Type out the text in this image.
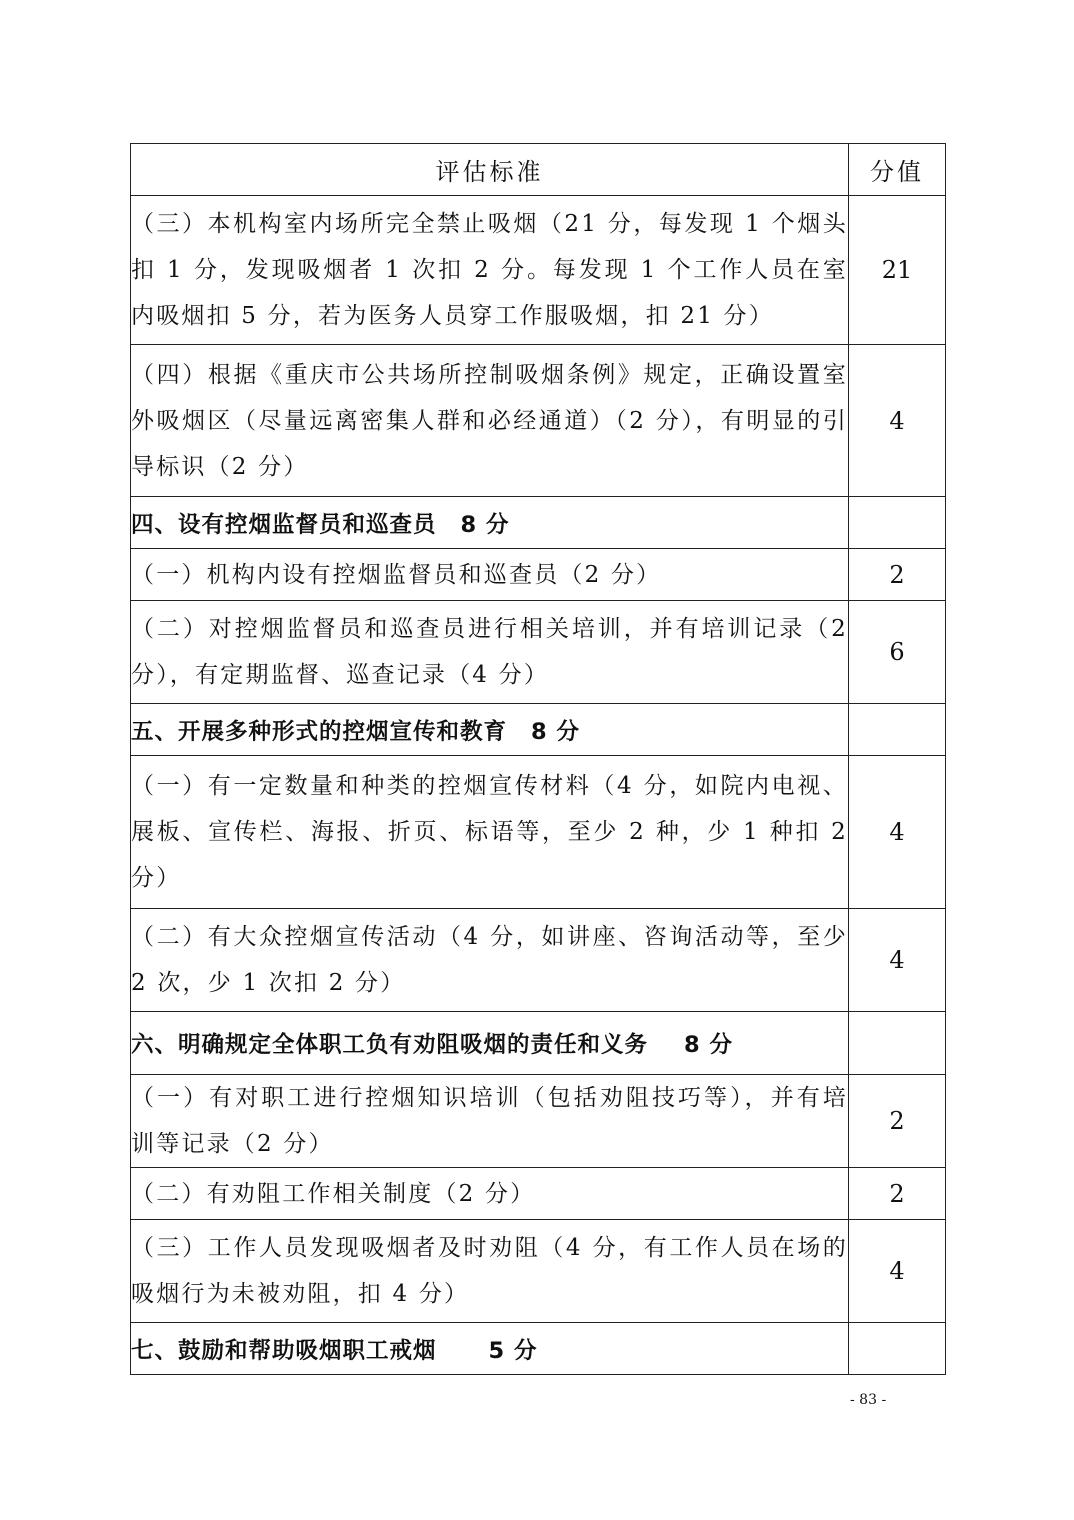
评估标准	分值
（三）本机构室内场所完全禁止吸烟（21 分，每发现 1 个烟头扣 1 分，发现吸烟者 1 次扣 2 分。每发现 1 个工作人员在室内吸烟扣 5 分，若为医务人员穿工作服吸烟，扣 21 分）	21
（四）根据《重庆市公共场所控制吸烟条例》规定，正确设置室外吸烟区（尽量远离密集人群和必经通道）（2 分），有明显的引导标识（2 分）	4
四、设有控烟监督员和巡查员 8 分	
（一）机构内设有控烟监督员和巡查员（2 分）	2
（二）对控烟监督员和巡查员进行相关培训，并有培训记录（2 分），有定期监督、巡查记录（4 分）	6
五、开展多种形式的控烟宣传和教育 8 分	
（一）有一定数量和种类的控烟宣传材料（4 分，如院内电视、展板、宣传栏、海报、折页、标语等，至少 2 种，少 1 种扣 2 分）	4
（二）有大众控烟宣传活动（4 分，如讲座、咨询活动等，至少 2 次，少 1 次扣 2 分）	4
六、明确规定全体职工负有劝阻吸烟的责任和义务 8 分	
（一）有对职工进行控烟知识培训（包括劝阻技巧等），并有培训等记录（2 分）	2
（二）有劝阻工作相关制度（2 分）	2
（三）工作人员发现吸烟者及时劝阻（4 分，有工作人员在场的吸烟行为未被劝阻，扣 4 分）	4
七、鼓励和帮助吸烟职工戒烟 5 分	
- 83 -
